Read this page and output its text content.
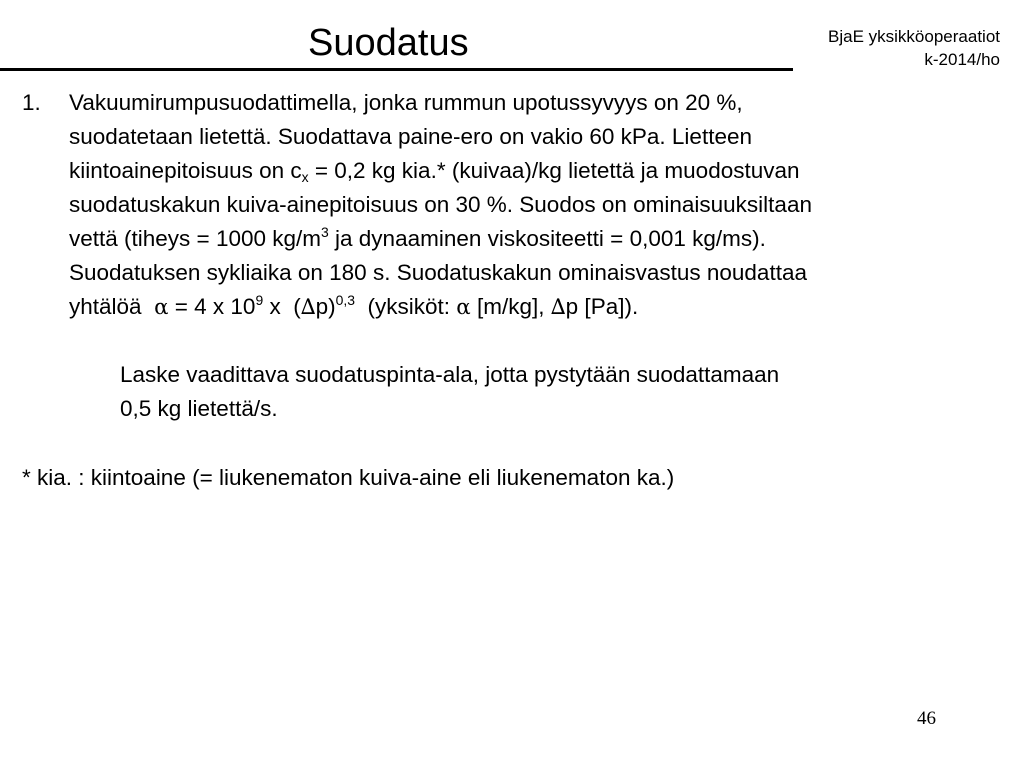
Suodatus	BjaE yksikköoperaatiot
k-2014/ho
1. Vakuumirumpusuodattimella, jonka rummun upotussyvyys on 20 %,
suodatetaan lietettä. Suodattava paine-ero on vakio 60 kPa. Lietteen
kiintoainepitoisuus on $c_x = 0,2$ kg kia.* (kuivaa)/kg lietettä ja muodostuvan
suodatuskakun kuiva-ainepitoisuus on 30 %. Suodos on ominaisuuksiltaan
vettä (tiheys = 1000 $kg/m^3$ ja dynaaminen viskositeetti = 0,001 kg/ms).
Suodatuksen sykliaika on 180 s. Suodatuskakun ominaisvastus noudattaa
yhtälöä  α = 4 x $10^9$ x  $(\Delta p)^{0,3}$  (yksiköt: α [m/kg], ∆p [Pa]).
Laske vaadittava suodatuspinta-ala, jotta pystytään suodattamaan
0,5 kg lietettä/s.
* kia. : kiintoaine (= liukenematon kuiva-aine eli liukenematon ka.)
46
